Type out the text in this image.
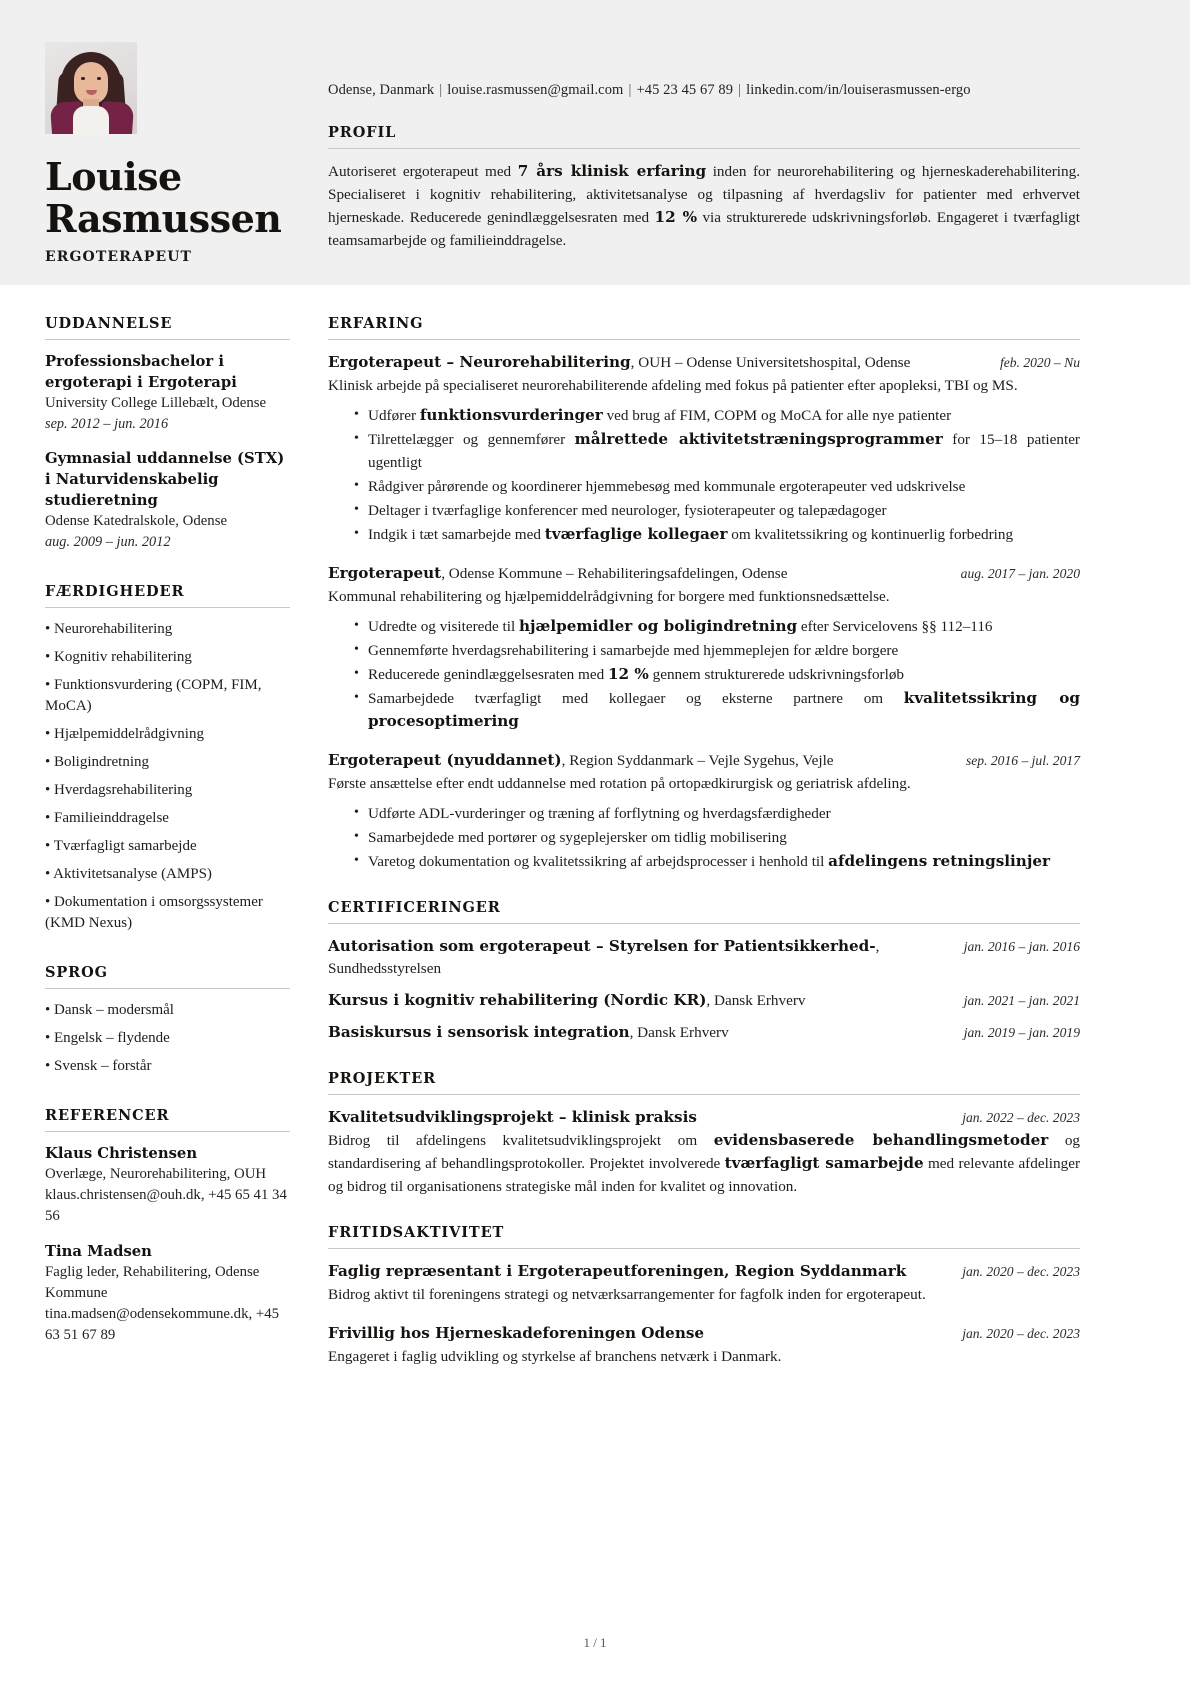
Louise Rasmussen
ERGOTERAPEUT
Odense, Danmark | louise.rasmussen@gmail.com | +45 23 45 67 89 | linkedin.com/in/louiserasmussen-ergo
PROFIL
Autoriseret ergoterapeut med 7 års klinisk erfaring inden for neurorehabilitering og hjerneskaderehabilitering. Specialiseret i kognitiv rehabilitering, aktivitetsanalyse og tilpasning af hverdagsliv for patienter med erhvervet hjerneskade. Reducerede genindlæggelsesraten med 12 % via strukturerede udskrivningsforløb. Engageret i tværfagligt teamsamarbejde og familieinddragelse.
UDDANNELSE
Professionsbachelor i ergoterapi i Ergoterapi
University College Lillebælt, Odense
sep. 2012 – jun. 2016
Gymnasial uddannelse (STX) i Naturvidenskabelig studieretning
Odense Katedralskole, Odense
aug. 2009 – jun. 2012
FÆRDIGHEDER
• Neurorehabilitering
• Kognitiv rehabilitering
• Funktionsvurdering (COPM, FIM, MoCA)
• Hjælpemiddelrådgivning
• Boligindretning
• Hverdagsrehabilitering
• Familieinddragelse
• Tværfagligt samarbejde
• Aktivitetsanalyse (AMPS)
• Dokumentation i omsorgssystemer (KMD Nexus)
SPROG
• Dansk – modersmål
• Engelsk – flydende
• Svensk – forstår
REFERENCER
Klaus Christensen
Overlæge, Neurorehabilitering, OUH
klaus.christensen@ouh.dk, +45 65 41 34 56
Tina Madsen
Faglig leder, Rehabilitering, Odense Kommune
tina.madsen@odensekommune.dk, +45 63 51 67 89
ERFARING
Ergoterapeut – Neurorehabilitering, OUH – Odense Universitetshospital, Odense	feb. 2020 – Nu
Klinisk arbejde på specialiseret neurorehabiliterende afdeling med fokus på patienter efter apopleksi, TBI og MS.
• Udfører funktionsvurderinger ved brug af FIM, COPM og MoCA for alle nye patienter
• Tilrettelægger og gennemfører målrettede aktivitetstræningsprogrammer for 15–18 patienter ugentligt
• Rådgiver pårørende og koordinerer hjemmebesøg med kommunale ergoterapeuter ved udskrivelse
• Deltager i tværfaglige konferencer med neurologer, fysioterapeuter og talepædagoger
• Indgik i tæt samarbejde med tværfaglige kollegaer om kvalitetssikring og kontinuerlig forbedring
Ergoterapeut, Odense Kommune – Rehabiliteringsafdelingen, Odense	aug. 2017 – jan. 2020
Kommunal rehabilitering og hjælpemiddelrådgivning for borgere med funktionsnedsættelse.
• Udredte og visiterede til hjælpemidler og boligindretning efter Servicelovens §§ 112–116
• Gennemførte hverdagsrehabilitering i samarbejde med hjemmeplejen for ældre borgere
• Reducerede genindlæggelsesraten med 12 % gennem strukturerede udskrivningsforløb
• Samarbejdede tværfagligt med kollegaer og eksterne partnere om kvalitetssikring og procesoptimering
Ergoterapeut (nyuddannet), Region Syddanmark – Vejle Sygehus, Vejle	sep. 2016 – jul. 2017
Første ansættelse efter endt uddannelse med rotation på ortopædkirurgisk og geriatrisk afdeling.
• Udførte ADL-vurderinger og træning af forflytning og hverdagsfærdigheder
• Samarbejdede med portører og sygeplejersker om tidlig mobilisering
• Varetog dokumentation og kvalitetssikring af arbejdsprocesser i henhold til afdelingens retningslinjer
CERTIFICERINGER
Autorisation som ergoterapeut – Styrelsen for Patientsikkerhed-, Sundhedsstyrelsen
jan. 2016 – jan. 2016
Kursus i kognitiv rehabilitering (Nordic KR), Dansk Erhverv	jan. 2021 – jan. 2021
Basiskursus i sensorisk integration, Dansk Erhverv	jan. 2019 – jan. 2019
PROJEKTER
Kvalitetsudviklingsprojekt – klinisk praksis	jan. 2022 – dec. 2023
Bidrog til afdelingens kvalitetsudviklingsprojekt om evidensbaserede behandlingsmetoder og standardisering af behandlingsprotokoller. Projektet involverede tværfagligt samarbejde med relevante afdelinger og bidrog til organisationens strategiske mål inden for kvalitet og innovation.
FRITIDSAKTIVITET
Faglig repræsentant i Ergoterapeutforeningen, Region Syddanmark	jan. 2020 – dec. 2023
Bidrog aktivt til foreningens strategi og netværksarrangementer for fagfolk inden for ergoterapeut.
Frivillig hos Hjerneskadeforeningen Odense	jan. 2020 – dec. 2023
Engageret i faglig udvikling og styrkelse af branchens netværk i Danmark.
1 / 1
